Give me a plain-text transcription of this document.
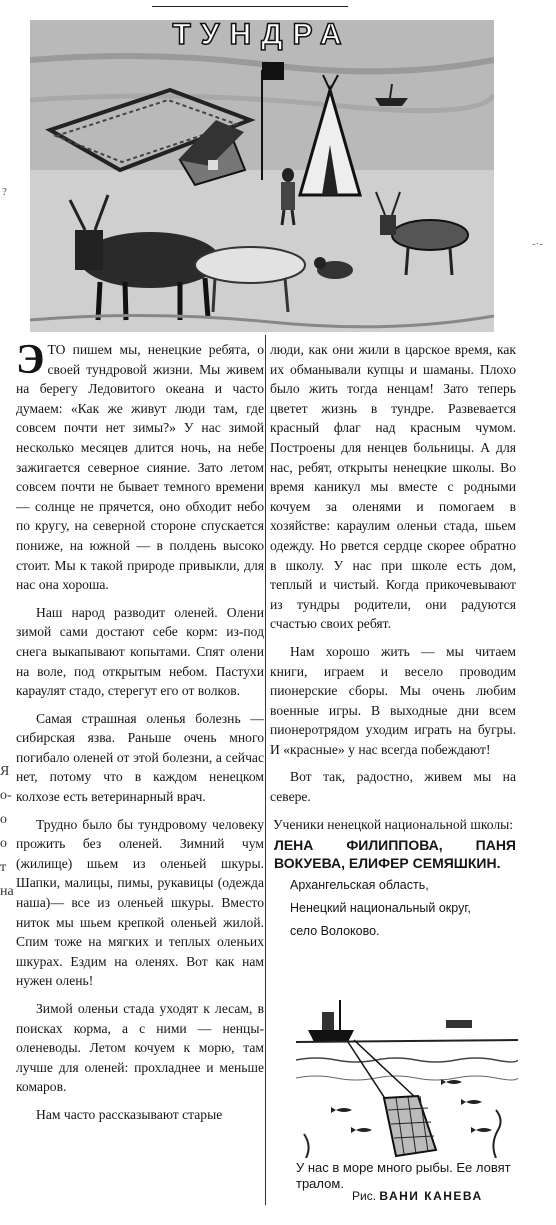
ТУНДРА
?
-·-

ЭТО пишем мы, ненецкие ребята, о своей тундровой жизни. Мы живем на берегу Ледовитого океана и часто думаем: «Как же живут люди там, где совсем почти нет зимы?» У нас зимой несколько месяцев длится ночь, на небе зажигается северное сияние. Зато летом совсем почти не бывает темного времени — солнце не прячется, оно обходит небо по кругу, на северной стороне спускается пониже, на южной — в полдень высоко стоит. Мы к такой природе привыкли, для нас она хороша.

Наш народ разводит оленей. Олени зимой сами достают себе корм: из-под снега выкапывают копытами. Спят олени на воле, под открытым небом. Пастухи караулят стадо, стерегут его от волков.

Самая страшная оленья болезнь — сибирская язва. Раньше очень много погибало оленей от этой болезни, а сейчас нет, потому что в каждом ненецком колхозе есть ветеринарный врач.

Трудно было бы тундровому человеку прожить без оленей. Зимний чум (жилище) шьем из оленьей шкуры. Шапки, малицы, пимы, рукавицы (одежда наша)— все из оленьей шкуры. Вместо ниток мы шьем крепкой оленьей жилой. Спим тоже на мягких и теплых оленьих шкурах. Ездим на оленях. Вот как нам нужен олень!

Зимой оленьи стада уходят к лесам, в поисках корма, а с ними — ненцы-оленеводы. Летом кочуем к морю, там лучше для оленей: прохладнее и меньше комаров.

Нам часто рассказывают старые

люди, как они жили в царское время, как их обманывали купцы и шаманы. Плохо было жить тогда ненцам! Зато теперь цветет жизнь в тундре. Развевается красный флаг над красным чумом. Построены для ненцев больницы. А для нас, ребят, открыты ненецкие школы. Во время каникул мы вместе с родными кочуем за оленями и помогаем в хозяйстве: караулим оленьи стада, шьем одежду. Но рвется сердце скорее обратно в школу. У нас при школе есть дом, теплый и чистый. Когда прикочевывают из тундры родители, они радуются счастью своих ребят.

Нам хорошо жить — мы читаем книги, играем и весело проводим пионерские сборы. Мы очень любим военные игры. В выходные дни всем пионеротрядом уходим играть на бугры. И «красные» у нас всегда побеждают!

Вот так, радостно, живем мы на севере.

Ученики ненецкой национальной школы:
ЛЕНА ФИЛИППОВА, ПАНЯ ВОКУЕВА, ЕЛИФЕР СЕМЯШКИН.

Архангельская область,

Ненецкий национальный округ,

село Волоково.

У нас в море много рыбы. Ее ловят тралом.
Рис. ВАНИ КАНЕВА
Я
о-
о
о
т
на
